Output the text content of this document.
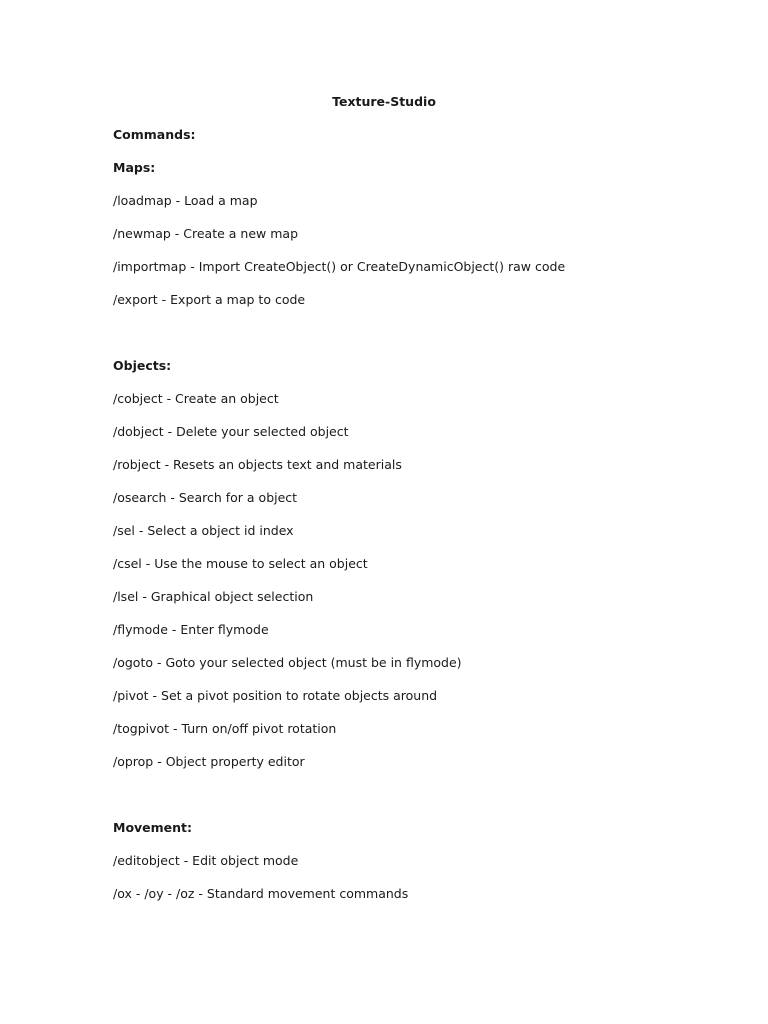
Texture-Studio
Commands:
Maps:
/loadmap - Load a map
/newmap - Create a new map
/importmap - Import CreateObject() or CreateDynamicObject() raw code
/export - Export a map to code
Objects:
/cobject - Create an object
/dobject - Delete your selected object
/robject - Resets an objects text and materials
/osearch - Search for a object
/sel - Select a object id index
/csel - Use the mouse to select an object
/lsel - Graphical object selection
/flymode - Enter flymode
/ogoto - Goto your selected object (must be in flymode)
/pivot - Set a pivot position to rotate objects around
/togpivot - Turn on/off pivot rotation
/oprop - Object property editor
Movement:
/editobject - Edit object mode
/ox - /oy - /oz - Standard movement commands
